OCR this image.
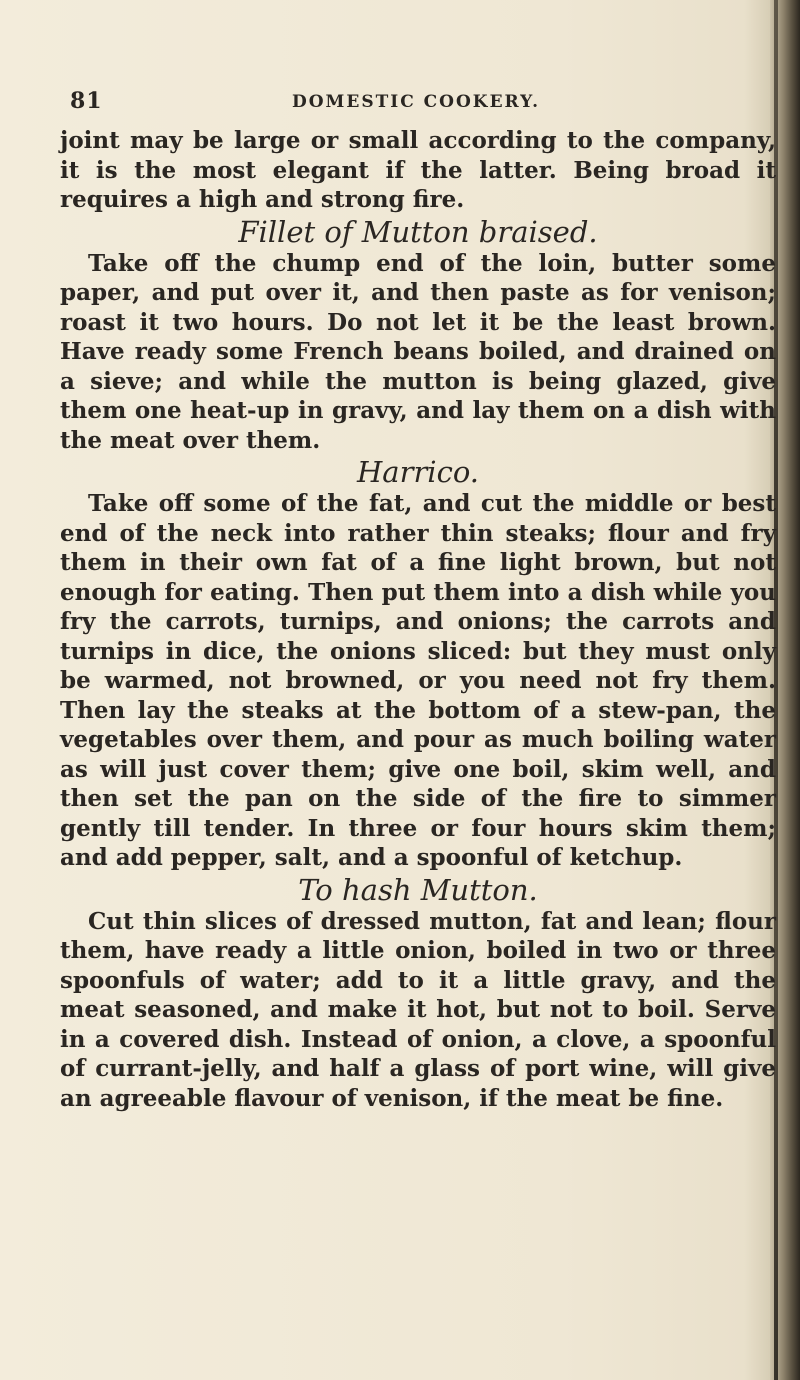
81	DOMESTIC COOKERY.

joint may be large or small according to the company, it is the most elegant if the latter. Being broad it requires a high and strong fire.

Fillet of Mutton braised.

Take off the chump end of the loin, butter some paper, and put over it, and then paste as for venison; roast it two hours. Do not let it be the least brown. Have ready some French beans boiled, and drained on a sieve; and while the mutton is being glazed, give them one heat-up in gravy, and lay them on a dish with the meat over them.

Harrico.

Take off some of the fat, and cut the middle or best end of the neck into rather thin steaks; flour and fry them in their own fat of a fine light brown, but not enough for eating. Then put them into a dish while you fry the carrots, turnips, and onions; the carrots and turnips in dice, the onions sliced: but they must only be warmed, not browned, or you need not fry them. Then lay the steaks at the bottom of a stew-pan, the vegetables over them, and pour as much boiling water as will just cover them; give one boil, skim well, and then set the pan on the side of the fire to simmer gently till tender. In three or four hours skim them; and add pepper, salt, and a spoonful of ketchup.

To hash Mutton.

Cut thin slices of dressed mutton, fat and lean; flour them, have ready a little onion, boiled in two or three spoonfuls of water; add to it a little gravy, and the meat seasoned, and make it hot, but not to boil. Serve in a covered dish. Instead of onion, a clove, a spoonful of currant-jelly, and half a glass of port wine, will give an agreeable flavour of venison, if the meat be fine.
